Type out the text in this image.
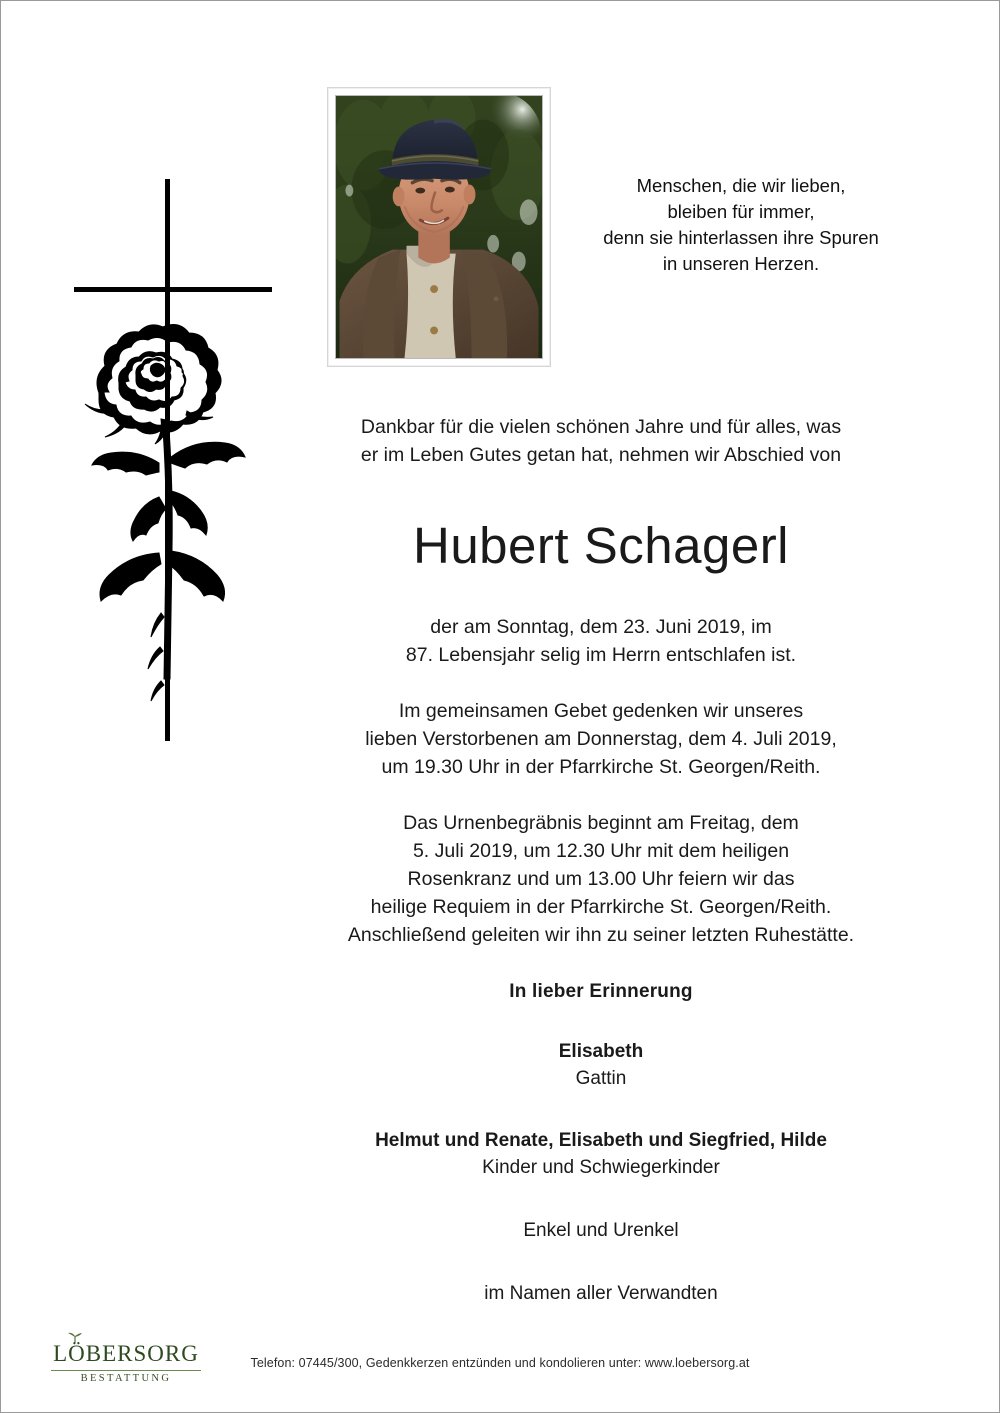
Menschen, die wir lieben,
bleiben für immer,
denn sie hinterlassen ihre Spuren
in unseren Herzen.
Dankbar für die vielen schönen Jahre und für alles, was
er im Leben Gutes getan hat, nehmen wir Abschied von
Hubert Schagerl
der am Sonntag, dem 23. Juni 2019, im
87. Lebensjahr selig im Herrn entschlafen ist.
Im gemeinsamen Gebet gedenken wir unseres
lieben Verstorbenen am Donnerstag, dem 4. Juli 2019,
um 19.30 Uhr in der Pfarrkirche St. Georgen/Reith.
Das Urnenbegräbnis beginnt am Freitag, dem
5. Juli 2019, um 12.30 Uhr mit dem heiligen
Rosenkranz und um 13.00 Uhr feiern wir das
heilige Requiem in der Pfarrkirche St. Georgen/Reith.
Anschließend geleiten wir ihn zu seiner letzten Ruhestätte.
In lieber Erinnerung
Elisabeth
Gattin
Helmut und Renate, Elisabeth und Siegfried, Hilde
Kinder und Schwiegerkinder
Enkel und Urenkel
im Namen aller Verwandten
LÖBERSORG
BESTATTUNG
Telefon: 07445/300, Gedenkkerzen entzünden und kondolieren unter: www.loebersorg.at
